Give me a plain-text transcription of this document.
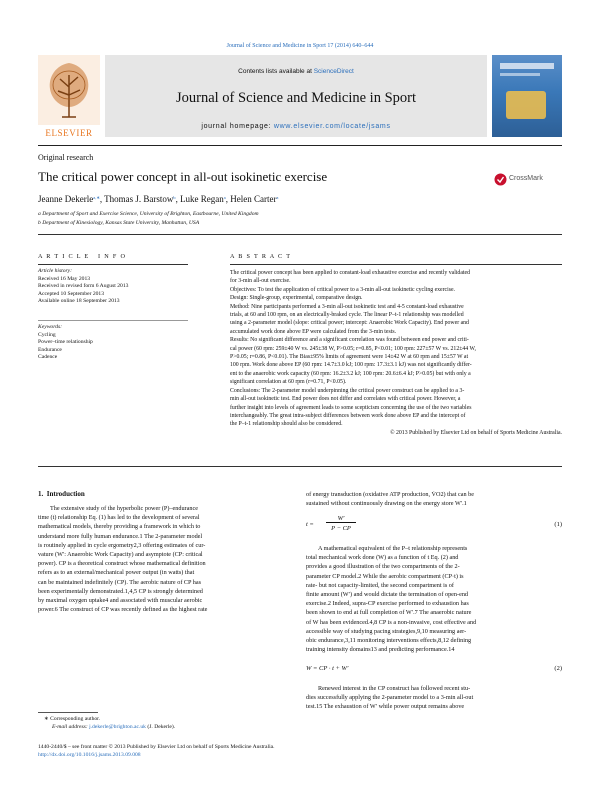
Journal of Science and Medicine in Sport 17 (2014) 640–644
ELSEVIER
Contents lists available at ScienceDirect
Journal of Science and Medicine in Sport
journal homepage: www.elsevier.com/locate/jsams
Original research
The critical power concept in all-out isokinetic exercise	CrossMark
Jeanne Dekerle$^{a,∗}$, Thomas J. Barstow$^b$, Luke Regan$^a$, Helen Carter$^a$
a Department of Sport and Exercise Science, University of Brighton, Eastbourne, United Kingdom
b Department of Kinesiology, Kansas State University, Manhattan, USA
A R T I C L E   I N F O
Article history:
Received 16 May 2013
Received in revised form 6 August 2013
Accepted 10 September 2013
Available online 18 September 2013
Keywords:
Cycling
Power–time relationship
Endurance
Cadence
A B S T R A C T
The critical power concept has been applied to constant-load exhaustive exercise and recently validated
for 3-min all-out exercise.
Objectives: To test the application of critical power to a 3-min all-out isokinetic cycling exercise.
Design: Single-group, experimental, comparative design.
Method: Nine participants performed a 3-min all-out isokinetic test and 4-5 constant-load exhaustive
trials, at 60 and 100 rpm, on an electrically-braked cycle. The linear P–t-1 relationship was modelled
using a 2-parameter model (slope: critical power; intercept: Anaerobic Work Capacity). End power and
accumulated work done above EP were calculated from the 3-min tests.
Results: No significant difference and a significant correlation was found between end power and criti-
cal power (60 rpm: 259±40 W vs. 245±38 W, P>0.05; r=0.85, P<0.01; 100 rpm: 227±57 W vs. 212±44 W,
P>0.05; r=0.86, P<0.01). The Bias±95% limits of agreement were 14±42 W at 60 rpm and 15±57 W at
100 rpm. Work done above EP (60 rpm: 14.7±3.0 kJ; 100 rpm: 17.3±3.1 kJ) was not significantly differ-
ent to the anaerobic work capacity (60 rpm: 16.2±3.2 kJ; 100 rpm: 20.6±6.4 kJ; P>0.05) but with only a
significant correlation at 60 rpm (r=0.71, P<0.05).
Conclusions: The 2-parameter model underpinning the critical power construct can be applied to a 3-
min all-out isokinetic test. End power does not differ and correlates with critical power. However, a
further insight into levels of agreement leads to some scepticism concerning the use of the two variables
interchangeably. The great intra-subject differences between work done above EP and the intercept of
the P–t-1 relationship should also be considered.
© 2013 Published by Elsevier Ltd on behalf of Sports Medicine Australia.
1.  Introduction
The extensive study of the hyperbolic power (P)–endurance
time (t) relationship Eq. (1) has led to the development of several
mathematical models, thereby providing a framework in which to
understand more fully human endurance.1 The 2-parameter model
is routinely applied in cycle ergometry2,3 offering estimates of cur-
vature (W′: Anaerobic Work Capacity) and asymptote (CP: critical
power). CP is a theoretical construct whose mathematical definition
refers as to an external/mechanical power output (in watts) that
can be maintained indefinitely (CP). The aerobic nature of CP has
been experimentally demonstrated.1,4,5 CP is strongly determined
by maximal oxygen uptake4 and associated with muscular aerobic
power.6 The construct of CP was recently defined as the highest rate
of energy transduction (oxidative ATP production, V̇O2) that can be
sustained without continuously drawing on the energy store W′.1
t =
W′
P − CP
(1)
A mathematical equivalent of the P–t relationship represents
total mechanical work done (W) as a function of t Eq. (2) and
provides a good illustration of the two compartments of the 2-
parameter CP model.2 While the aerobic compartment (CP·t) is
rate- but not capacity-limited, the second compartment is of
finite amount (W′) and would dictate the termination of open-end
exercise.2 Indeed, supra-CP exercise performed to exhaustion has
been shown to end at full completion of W′.7 The anaerobic nature
of W has been evidenced.4,8 CP is a non-invasive, cost effective and
accessible way of studying pacing strategies,9,10 measuring aer-
obic endurance,3,11 monitoring interventions effects,8,12 defining
training intensity domains13 and predicting performance.14
W = CP · t + W′	(2)
Renewed interest in the CP construct has followed recent stu-
dies successfully applying the 2-parameter model to a 3-min all-out
test.15 The exhaustion of W′ while power output remains above
∗ Corresponding author.
E-mail address: j.dekerle@brighton.ac.uk (J. Dekerle).
1440-2440/$ – see front matter © 2013 Published by Elsevier Ltd on behalf of Sports Medicine Australia.
http://dx.doi.org/10.1016/j.jsams.2013.09.008
